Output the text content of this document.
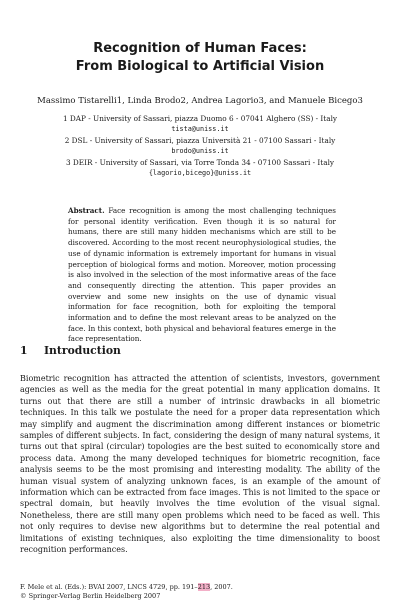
Recognition of Human Faces:
From Biological to Artificial Vision
Massimo Tistarelli1, Linda Brodo2, Andrea Lagorio3, and Manuele Bicego3
1 DAP - University of Sassari, piazza Duomo 6 - 07041 Alghero (SS) - Italy
tista@uniss.it
2 DSL - University of Sassari, piazza Università 21 - 07100 Sassari - Italy
brodo@uniss.it
3 DEIR - University of Sassari, via Torre Tonda 34 - 07100 Sassari - Italy
{lagorio,bicego}@uniss.it
Abstract. Face recognition is among the most challenging techniques for personal identity verification. Even though it is so natural for humans, there are still many hidden mechanisms which are still to be discovered. According to the most recent neurophysiological studies, the use of dynamic information is extremely important for humans in visual perception of biological forms and motion. Moreover, motion processing is also involved in the selection of the most informative areas of the face and consequently directing the attention. This paper provides an overview and some new insights on the use of dynamic visual information for face recognition, both for exploiting the temporal information and to define the most relevant areas to be analyzed on the face. In this context, both physical and behavioral features emerge in the face representation.
1 Introduction
Biometric recognition has attracted the attention of scientists, investors, government agencies as well as the media for the great potential in many application domains. It turns out that there are still a number of intrinsic drawbacks in all biometric techniques. In this talk we postulate the need for a proper data representation which may simplify and augment the discrimination among different instances or biometric samples of different subjects. In fact, considering the design of many natural systems, it turns out that spiral (circular) topologies are the best suited to economically store and process data. Among the many developed techniques for biometric recognition, face analysis seems to be the most promising and interesting modality. The ability of the human visual system of analyzing unknown faces, is an example of the amount of information which can be extracted from face images. This is not limited to the space or spectral domain, but heavily involves the time evolution of the visual signal. Nonetheless, there are still many open problems which need to be faced as well. This not only requires to devise new algorithms but to determine the real potential and limitations of existing techniques, also exploiting the time dimensionality to boost recognition performances.
F. Mele et al. (Eds.): BVAI 2007, LNCS 4729, pp. 191–213, 2007.
© Springer-Verlag Berlin Heidelberg 2007
